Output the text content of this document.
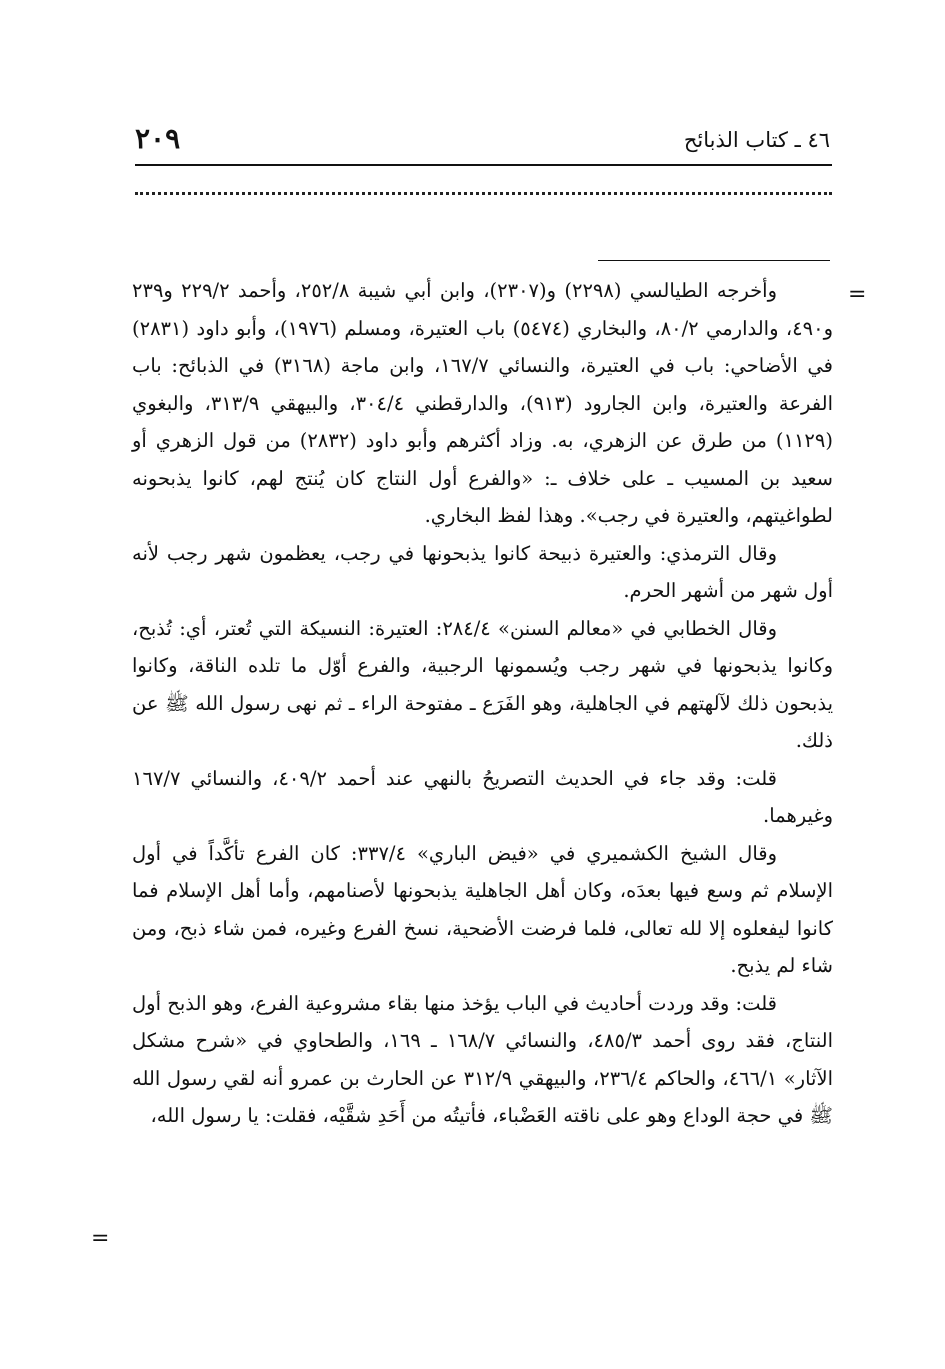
٤٦ ـ كتاب الذبائح
٢٠٩
=
=

وأخرجه الطيالسي (٢٢٩٨) و(٢٣٠٧)، وابن أبي شيبة ٢٥٢/٨، وأحمد ٢٢٩/٢ و٢٣٩ و٤٩٠، والدارمي ٨٠/٢، والبخاري (٥٤٧٤) باب العتيرة، ومسلم (١٩٧٦)، وأبو داود (٢٨٣١) في الأضاحي: باب في العتيرة، والنسائي ١٦٧/٧، وابن ماجة (٣١٦٨) في الذبائح: باب الفرعة والعتيرة، وابن الجارود (٩١٣)، والدارقطني ٣٠٤/٤، والبيهقي ٣١٣/٩، والبغوي (١١٢٩) من طرق عن الزهري، به. وزاد أكثرهم وأبو داود (٢٨٣٢) من قول الزهري أو سعيد بن المسيب ـ على خلاف ـ: «والفرع أول النتاج كان يُنتج لهم، كانوا يذبحونه لطواغيتهم، والعتيرة في رجب». وهذا لفظ البخاري.

وقال الترمذي: والعتيرة ذبيحة كانوا يذبحونها في رجب، يعظمون شهر رجب لأنه أول شهر من أشهر الحرم.

وقال الخطابي في «معالم السنن» ٢٨٤/٤: العتيرة: النسيكة التي تُعتر، أي: تُذبح، وكانوا يذبحونها في شهر رجب ويُسمونها الرجبية، والفرع أوّل ما تلده الناقة، وكانوا يذبحون ذلك لآلهتهم في الجاهلية، وهو الفَرَع ـ مفتوحة الراء ـ ثم نهى رسول الله ﷺ عن ذلك.

قلت: وقد جاء في الحديث التصريحُ بالنهي عند أحمد ٤٠٩/٢، والنسائي ١٦٧/٧ وغيرهما.

وقال الشيخ الكشميري في «فيض الباري» ٣٣٧/٤: كان الفرع تأكَّداً في أول الإسلام ثم وسع فيها بعدَه، وكان أهل الجاهلية يذبحونها لأصنامهم، وأما أهل الإسلام فما كانوا ليفعلوه إلا لله تعالى، فلما فرضت الأضحية، نسخ الفرع وغيره، فمن شاء ذبح، ومن شاء لم يذبح.

قلت: وقد وردت أحاديث في الباب يؤخذ منها بقاء مشروعية الفرع، وهو الذبح أول النتاج، فقد روى أحمد ٤٨٥/٣، والنسائي ١٦٨/٧ ـ ١٦٩، والطحاوي في «شرح مشكل الآثار» ٤٦٦/١، والحاكم ٢٣٦/٤، والبيهقي ٣١٢/٩ عن الحارث بن عمرو أنه لقي رسول الله ﷺ في حجة الوداع وهو على ناقته العَضْباء، فأتيتُه من أَحَدِ شقَّيْه، فقلت: يا رسول الله،
